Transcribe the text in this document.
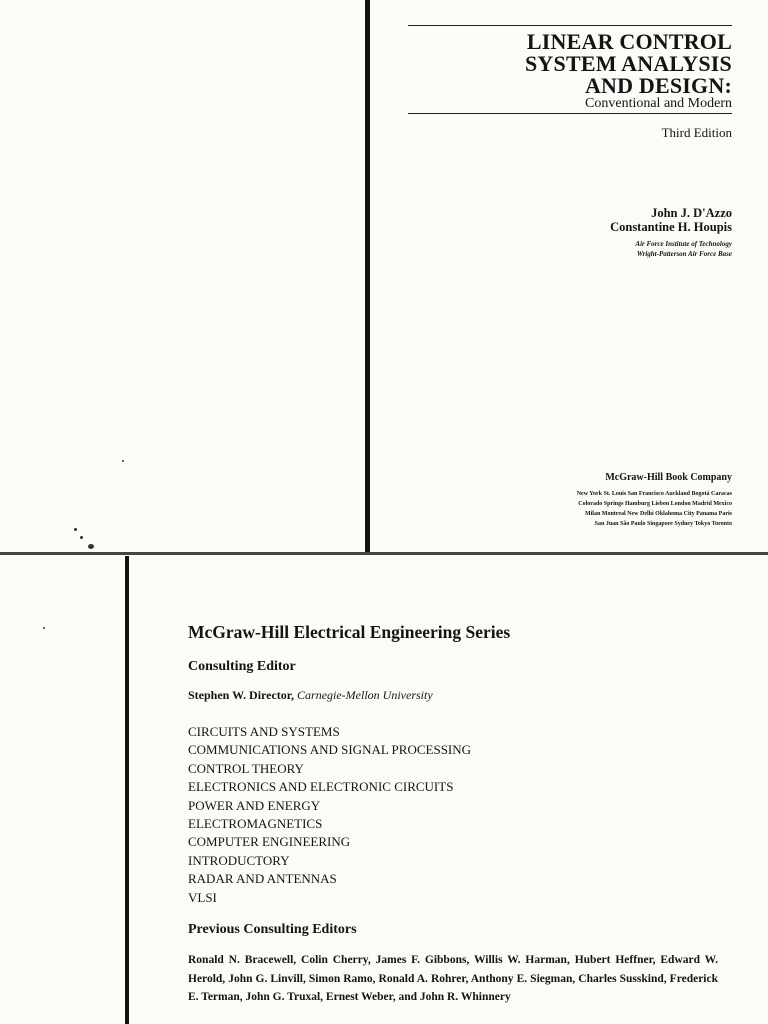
LINEAR CONTROL
SYSTEM ANALYSIS
AND DESIGN:
Conventional and Modern
Third Edition
John J. D'Azzo
Constantine H. Houpis
Air Force Institute of Technology
Wright-Patterson Air Force Base
McGraw-Hill Book Company
New York St. Louis San Francisco Auckland Bogotá Caracas
Colorado Springs Hamburg Lisbon London Madrid Mexico
Milan Montreal New Delhi Oklahoma City Panama Paris
San Juan São Paulo Singapore Sydney Tokyo Toronto
McGraw-Hill Electrical Engineering Series
Consulting Editor
Stephen W. Director, Carnegie-Mellon University
CIRCUITS AND SYSTEMS
COMMUNICATIONS AND SIGNAL PROCESSING
CONTROL THEORY
ELECTRONICS AND ELECTRONIC CIRCUITS
POWER AND ENERGY
ELECTROMAGNETICS
COMPUTER ENGINEERING
INTRODUCTORY
RADAR AND ANTENNAS
VLSI
Previous Consulting Editors
Ronald N. Bracewell, Colin Cherry, James F. Gibbons, Willis W. Harman, Hubert Heffner, Edward W. Herold, John G. Linvill, Simon Ramo, Ronald A. Rohrer, Anthony E. Siegman, Charles Susskind, Frederick E. Terman, John G. Truxal, Ernest Weber, and John R. Whinnery
